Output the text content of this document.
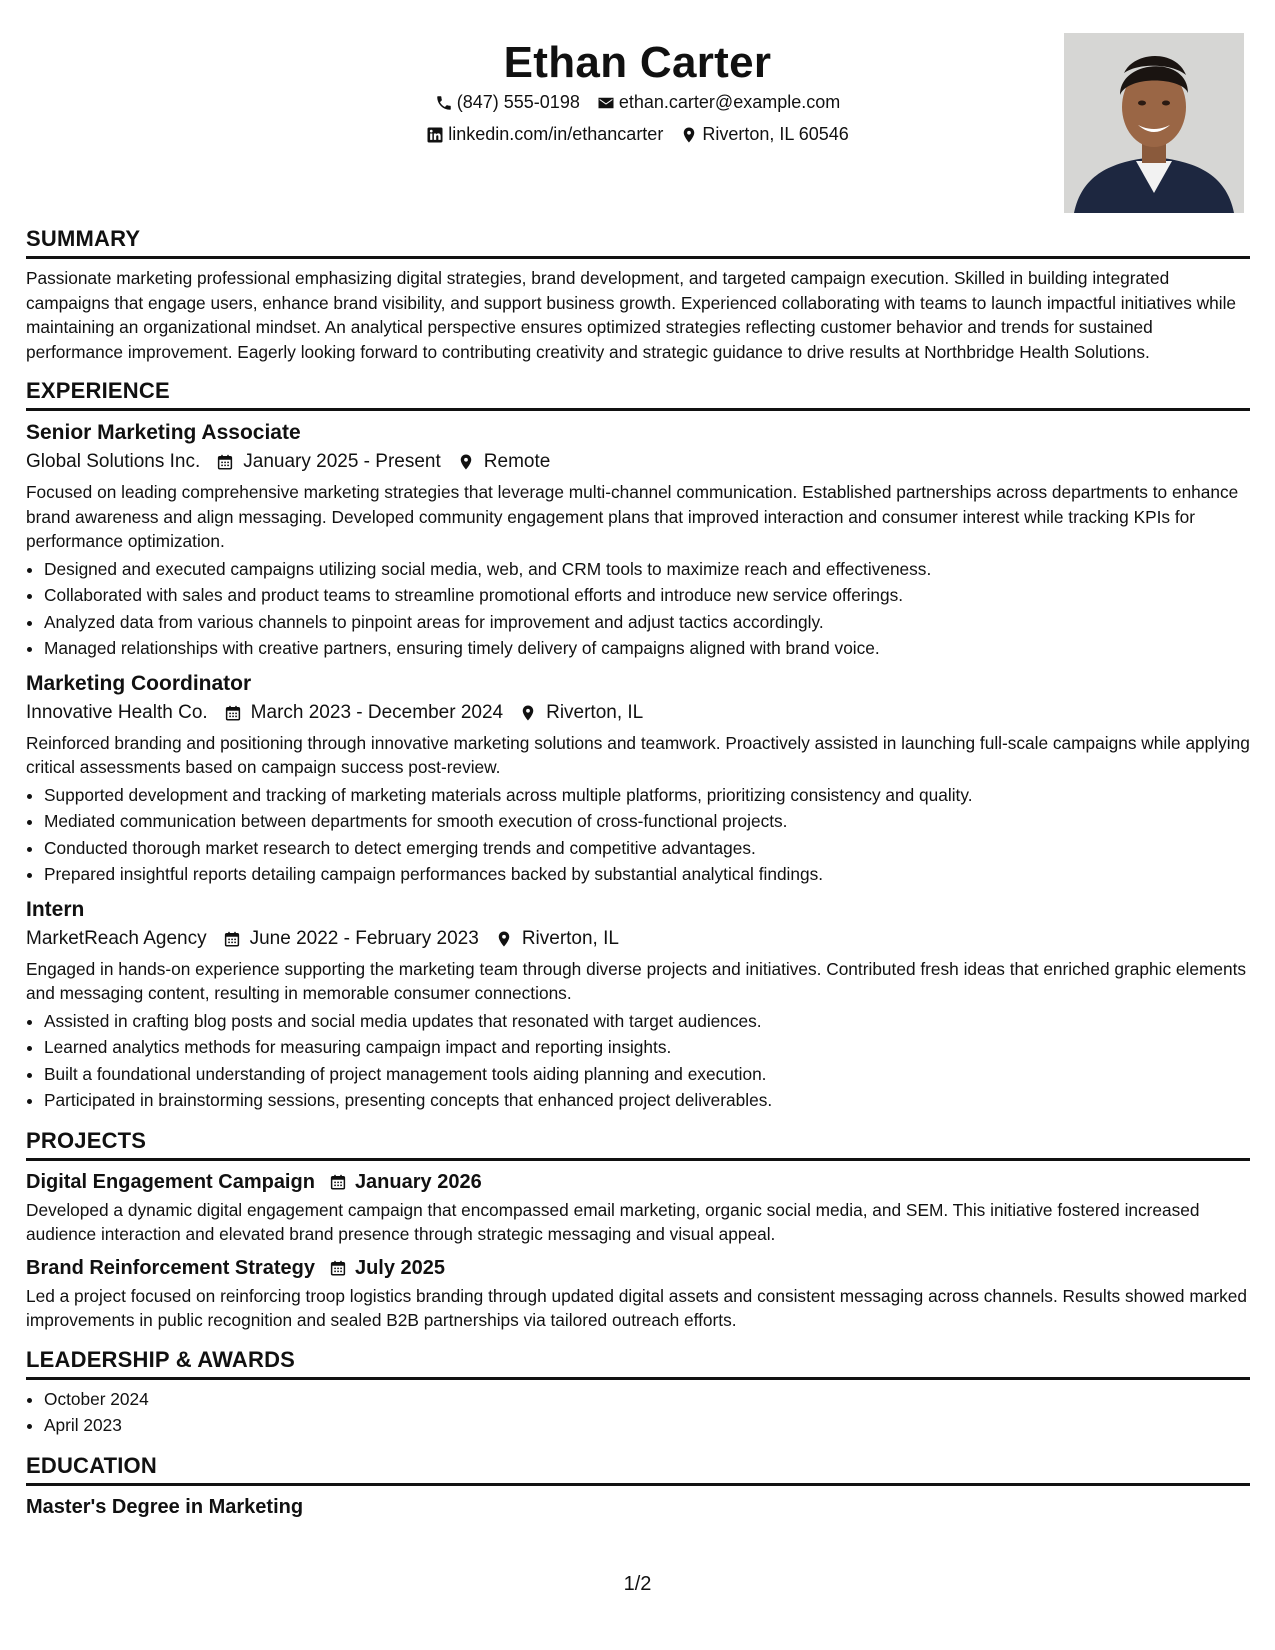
Ethan Carter
(847) 555-0198
ethan.carter@example.com
linkedin.com/in/ethancarter
Riverton, IL 60546
SUMMARY
Passionate marketing professional emphasizing digital strategies, brand development, and targeted campaign execution. Skilled in building integrated campaigns that engage users, enhance brand visibility, and support business growth. Experienced collaborating with teams to launch impactful initiatives while maintaining an organizational mindset. An analytical perspective ensures optimized strategies reflecting customer behavior and trends for sustained performance improvement. Eagerly looking forward to contributing creativity and strategic guidance to drive results at Northbridge Health Solutions.
EXPERIENCE
Senior Marketing Associate
Global Solutions Inc. January 2025 - Present Remote
Focused on leading comprehensive marketing strategies that leverage multi-channel communication. Established partnerships across departments to enhance brand awareness and align messaging. Developed community engagement plans that improved interaction and consumer interest while tracking KPIs for performance optimization.
• Designed and executed campaigns utilizing social media, web, and CRM tools to maximize reach and effectiveness.
• Collaborated with sales and product teams to streamline promotional efforts and introduce new service offerings.
• Analyzed data from various channels to pinpoint areas for improvement and adjust tactics accordingly.
• Managed relationships with creative partners, ensuring timely delivery of campaigns aligned with brand voice.
Marketing Coordinator
Innovative Health Co. March 2023 - December 2024 Riverton, IL
Reinforced branding and positioning through innovative marketing solutions and teamwork. Proactively assisted in launching full-scale campaigns while applying critical assessments based on campaign success post-review.
• Supported development and tracking of marketing materials across multiple platforms, prioritizing consistency and quality.
• Mediated communication between departments for smooth execution of cross-functional projects.
• Conducted thorough market research to detect emerging trends and competitive advantages.
• Prepared insightful reports detailing campaign performances backed by substantial analytical findings.
Intern
MarketReach Agency June 2022 - February 2023 Riverton, IL
Engaged in hands-on experience supporting the marketing team through diverse projects and initiatives. Contributed fresh ideas that enriched graphic elements and messaging content, resulting in memorable consumer connections.
• Assisted in crafting blog posts and social media updates that resonated with target audiences.
• Learned analytics methods for measuring campaign impact and reporting insights.
• Built a foundational understanding of project management tools aiding planning and execution.
• Participated in brainstorming sessions, presenting concepts that enhanced project deliverables.
PROJECTS
Digital Engagement Campaign January 2026
Developed a dynamic digital engagement campaign that encompassed email marketing, organic social media, and SEM. This initiative fostered increased audience interaction and elevated brand presence through strategic messaging and visual appeal.
Brand Reinforcement Strategy July 2025
Led a project focused on reinforcing troop logistics branding through updated digital assets and consistent messaging across channels. Results showed marked improvements in public recognition and sealed B2B partnerships via tailored outreach efforts.
LEADERSHIP & AWARDS
• October 2024
• April 2023
EDUCATION
Master's Degree in Marketing
1/2
